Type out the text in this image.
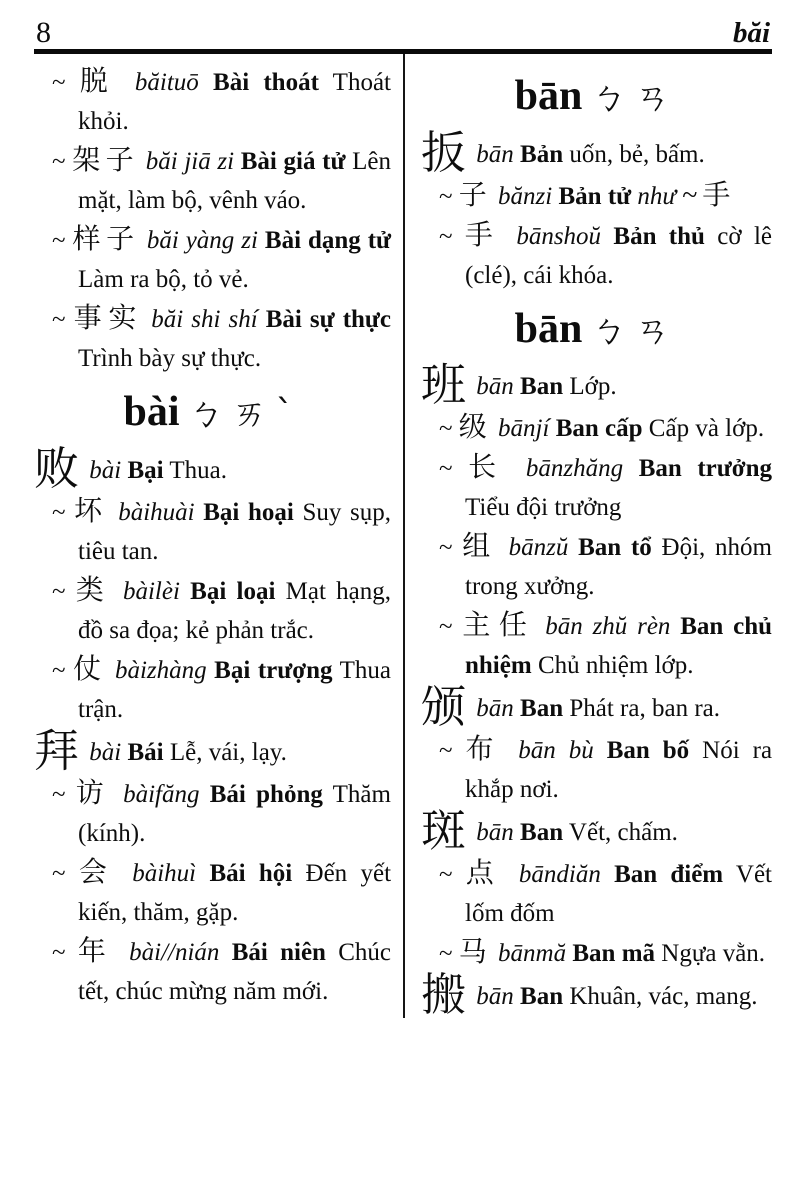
8	băi
~ 脱 băituō Bài thoát Thoát khỏi.
~ 架子 băi jiā zi Bài giá tử Lên mặt, làm bộ, vênh váo.
~ 样子 băi yàng zi Bài dạng tử Làm ra bộ, tỏ vẻ.
~ 事实 băi shi shí Bài sự thực Trình bày sự thực.
bài ㄅㄞˋ
败 bài Bại Thua.
~ 坏 bàihuài Bại hoại Suy sụp, tiêu tan.
~ 类 bàilèi Bại loại Mạt hạng, đồ sa đọa; kẻ phản trắc.
~ 仗 bàizhàng Bại trượng Thua trận.
拜 bài Bái Lễ, vái, lạy.
~ 访 bàifăng Bái phỏng Thăm (kính).
~ 会 bàihuì Bái hội Đến yết kiến, thăm, gặp.
~ 年 bài//nián Bái niên Chúc tết, chúc mừng năm mới.
bān ㄅㄢ
扳 bān Bản uốn, bẻ, bấm.
~ 子 bănzi Bản tử như ~手
~ 手 bānshoŭ Bản thủ cờ lê (clé), cái khóa.
bān ㄅㄢ
班 bān Ban Lớp.
~ 级 bānjí Ban cấp Cấp và lớp.
~ 长 bānzhăng Ban trưởng Tiểu đội trưởng
~ 组 bānzŭ Ban tổ Đội, nhóm trong xưởng.
~ 主任 bān zhŭ rèn Ban chủ nhiệm Chủ nhiệm lớp.
颁 bān Ban Phát ra, ban ra.
~ 布 bān bù Ban bố Nói ra khắp nơi.
斑 bān Ban Vết, chấm.
~ 点 bāndiăn Ban điểm Vết lốm đốm
~ 马 bānmă Ban mã Ngựa vằn.
搬 bān Ban Khuân, vác, mang.
